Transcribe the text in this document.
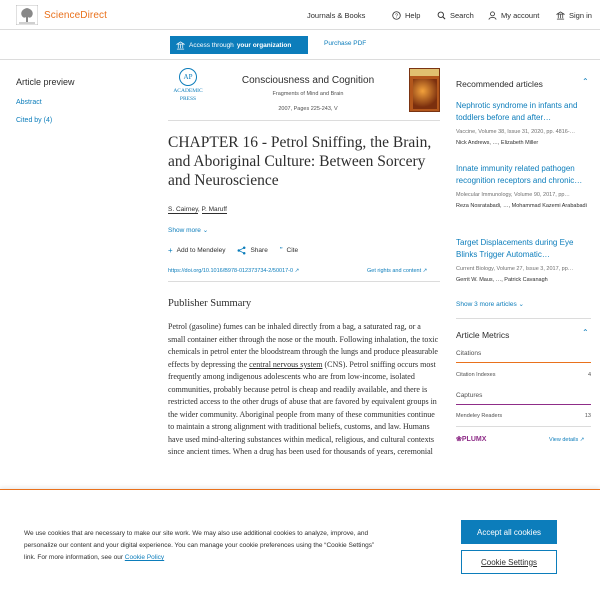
ScienceDirect	Journals & Books	? Help	Search	My account	Sign in
Access through your organization	Purchase PDF
Article preview
Abstract
Cited by (4)
AP
ACADEMIC
PRESS
Consciousness and Cognition
Fragments of Mind and Brain
2007, Pages 225-243, V
CHAPTER 16 - Petrol Sniffing, the Brain, and Aboriginal Culture: Between Sorcery and Neuroscience
S. Cairney, P. Maruff
Show more ⌄
+ Add to Mendeley	Share ” Cite
https://doi.org/10.1016/B978-012373734-2/50017-0 ↗	Get rights and content ↗
Publisher Summary
Petrol (gasoline) fumes can be inhaled directly from a bag, a saturated rag, or a small container either through the nose or the mouth. Following inhalation, the toxic chemicals in petrol enter the bloodstream through the lungs and produce pleasurable effects by depressing the central nervous system (CNS). Petrol sniffing occurs most frequently among indigenous adolescents who are from low-income, isolated communities, probably because petrol is cheap and readily available, and there is restricted access to the other drugs of abuse that are favored by equivalent groups in the wider community. Aboriginal people from many of these communities continue to maintain a strong alignment with traditional beliefs, customs, and law. Humans have used mind-altering substances within medical, religious, and cultural contexts since ancient times. When a drug has been used for thousands of years, ceremonial
Recommended articles	⌃
Nephrotic syndrome in infants and toddlers before and after…
Vaccine, Volume 38, Issue 31, 2020, pp. 4816-…
Nick Andrews, …, Elizabeth Miller
Innate immunity related pathogen recognition receptors and chronic…
Molecular Immunology, Volume 90, 2017, pp…
Reza Nosratabadi, …, Mohammad Kazemi Arababadi
Target Displacements during Eye Blinks Trigger Automatic…
Current Biology, Volume 27, Issue 3, 2017, pp…
Gerrit W. Maus, …, Patrick Cavanagh
Show 3 more articles ⌄
Article Metrics	⌃
Citations
Citation Indexes	4
Captures
Mendeley Readers	13
❀PLUMX	View details ↗
We use cookies that are necessary to make our site work. We may also use additional cookies to analyze, improve, and personalize our content and your digital experience. You can manage your cookie preferences using the “Cookie Settings” link. For more information, see our Cookie Policy
Accept all cookies
Cookie Settings
